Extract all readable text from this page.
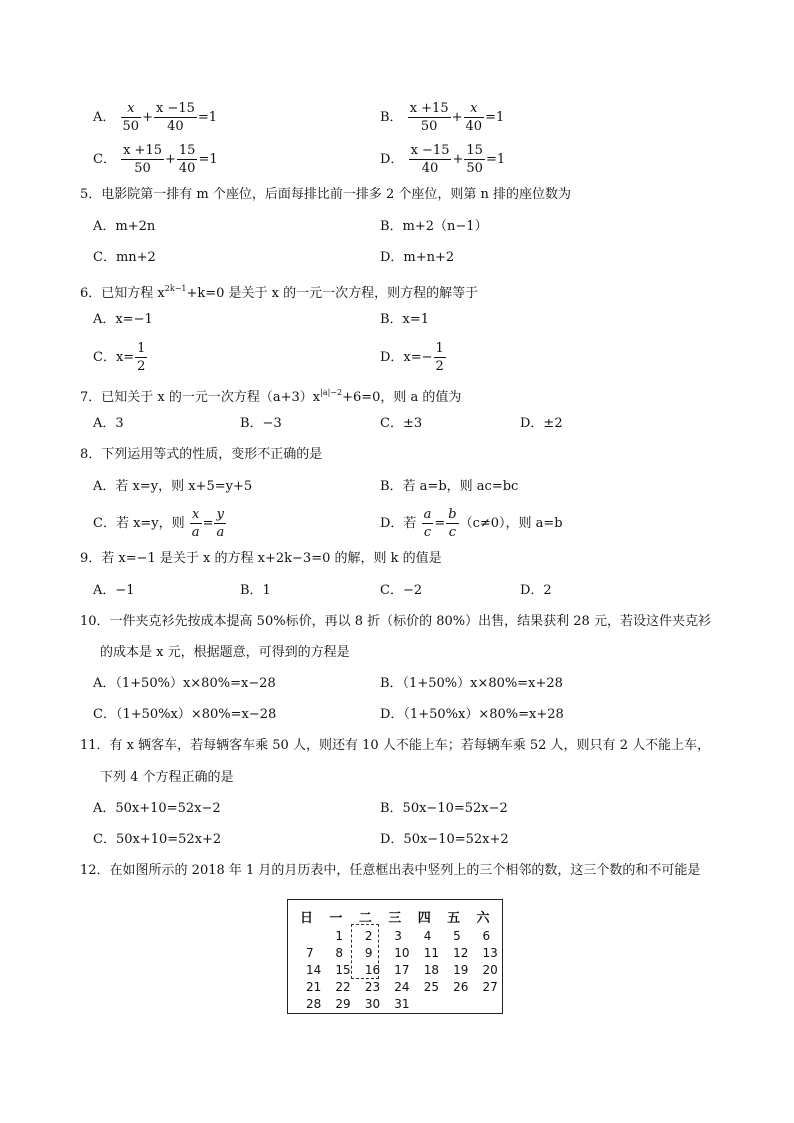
A． $\frac{x}{50} + \frac{x -15}{40} =1$	B． $\frac{x +15}{50} + \frac{x}{40} =1$
C． $\frac{x +15}{50} + \frac{15}{40} =1$	D． $\frac{x -15}{40} + \frac{15}{50} =1$
5．电影院第一排有 m 个座位，后面每排比前一排多 2 个座位，则第 n 排的座位数为
A．m+2n	B．m+2（n−1）
C．mn+2	D．m+n+2
6．已知方程 $x^{2k-1}+k=0$ 是关于 x 的一元一次方程，则方程的解等于
A．x=−1	B．x=1
C．$x= \frac{1}{2}$	D．$x=- \frac{1}{2}$
7．已知关于 x 的一元一次方程$(a+3)x^{|a|-2}+6=0$，则 a 的值为
A．3	B．−3	C．±3	D．±2
8．下列运用等式的性质，变形不正确的是
A．若 x=y，则 x+5=y+5	B．若 a=b，则 ac=bc
C．若 x=y，则 $\frac{x}{a} = \frac{y}{a}$	D．若 $\frac{a}{c} = \frac{b}{c} (c\ne 0)$，则 a=b
9．若 x=−1 是关于 x 的方程 x+2k−3=0 的解，则 k 的值是
A．−1	B．1	C．−2	D．2
10．一件夹克衫先按成本提高 50%标价，再以 8 折（标价的 80%）出售，结果获利 28 元，若设这件夹克衫
的成本是 x 元，根据题意，可得到的方程是
A．（1+50%）x×80%=x−28	B．（1+50%）x×80%=x+28
C．（1+50%x）×80%=x−28	D．（1+50%x）×80%=x+28
11．有 x 辆客车，若每辆客车乘 50 人，则还有 10 人不能上车；若每辆车乘 52 人，则只有 2 人不能上车，
下列 4 个方程正确的是
A．50x+10=52x−2	B．50x−10=52x−2
C．50x+10=52x+2	D．50x−10=52x+2
12．在如图所示的 2018 年 1 月的月历表中，任意框出表中竖列上的三个相邻的数，这三个数的和不可能是
日	一	二	三	四	五	六
	1	2	3	4	5	6
7	8	9	10	11	12	13
14	15	16	17	18	19	20
21	22	23	24	25	26	27
28	29	30	31			
